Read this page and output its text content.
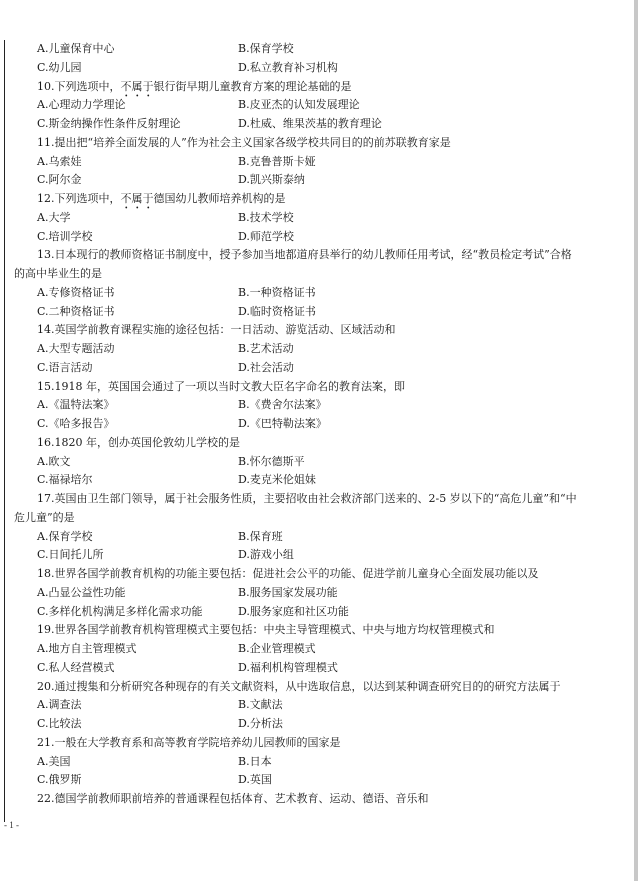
A.儿童保育中心	B.保育学校
C.幼儿园	D.私立教育补习机构
10.下列选项中，不属于银行街早期儿童教育方案的理论基础的是
A.心理动力学理论	B.皮亚杰的认知发展理论
C.斯金纳操作性条件反射理论	D.杜威、维果茨基的教育理论
11.提出把“培养全面发展的人”作为社会主义国家各级学校共同目的的前苏联教育家是
A.乌索娃	B.克鲁普斯卡娅
C.阿尔金	D.凯兴斯泰纳
12.下列选项中，不属于德国幼儿教师培养机构的是
A.大学	B.技术学校
C.培训学校	D.师范学校
13.日本现行的教师资格证书制度中，授予参加当地都道府县举行的幼儿教师任用考试，经“教员检定考试”合格
的高中毕业生的是
A.专修资格证书	B.一种资格证书
C.二种资格证书	D.临时资格证书
14.英国学前教育课程实施的途径包括：一日活动、游览活动、区域活动和
A.大型专题活动	B.艺术活动
C.语言活动	D.社会活动
15.1918 年，英国国会通过了一项以当时文教大臣名字命名的教育法案，即
A.《温特法案》	B.《费舍尔法案》
C.《哈多报告》	D.《巴特勒法案》
16.1820 年，创办英国伦敦幼儿学校的是
A.欧文	B.怀尔德斯平
C.福禄培尔	D.麦克米伦姐妹
17.英国由卫生部门领导，属于社会服务性质，主要招收由社会救济部门送来的、2-5 岁以下的“高危儿童”和“中
危儿童”的是
A.保育学校	B.保育班
C.日间托儿所	D.游戏小组
18.世界各国学前教育机构的功能主要包括：促进社会公平的功能、促进学前儿童身心全面发展功能以及
A.凸显公益性功能	B.服务国家发展功能
C.多样化机构满足多样化需求功能	D.服务家庭和社区功能
19.世界各国学前教育机构管理模式主要包括：中央主导管理模式、中央与地方均权管理模式和
A.地方自主管理模式	B.企业管理模式
C.私人经营模式	D.福利机构管理模式
20.通过搜集和分析研究各种现存的有关文献资料，从中选取信息，以达到某种调查研究目的的研究方法属于
A.调查法	B.文献法
C.比较法	D.分析法
21.一般在大学教育系和高等教育学院培养幼儿园教师的国家是
A.美国	B.日本
C.俄罗斯	D.英国
22.德国学前教师职前培养的普通课程包括体育、艺术教育、运动、德语、音乐和
- 1 -
